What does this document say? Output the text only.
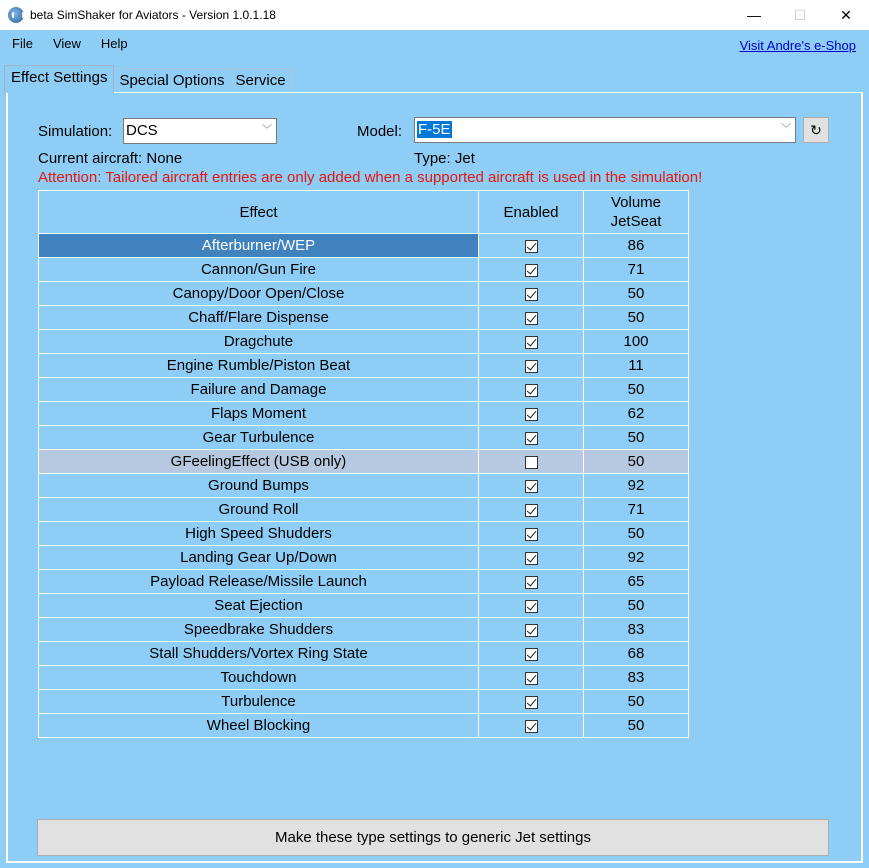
beta SimShaker for Aviators - Version 1.0.1.18	—	☐	✕
File	View	Help	Visit Andre's e-Shop
Effect Settings Special Options Service
Simulation: DCS	﹀	Model: F-5E	﹀ ↻
Current aircraft: None	Type: Jet
Attention: Tailored aircraft entries are only added when a supported aircraft is used in the simulation!
Effect	Enabled	Volume
JetSeat
Afterburner/WEP		86
Cannon/Gun Fire		71
Canopy/Door Open/Close		50
Chaff/Flare Dispense		50
Dragchute		100
Engine Rumble/Piston Beat		11
Failure and Damage		50
Flaps Moment		62
Gear Turbulence		50
GFeelingEffect (USB only)		50
Ground Bumps		92
Ground Roll		71
High Speed Shudders		50
Landing Gear Up/Down		92
Payload Release/Missile Launch		65
Seat Ejection		50
Speedbrake Shudders		83
Stall Shudders/Vortex Ring State		68
Touchdown		83
Turbulence		50
Wheel Blocking		50
Make these type settings to generic Jet settings
